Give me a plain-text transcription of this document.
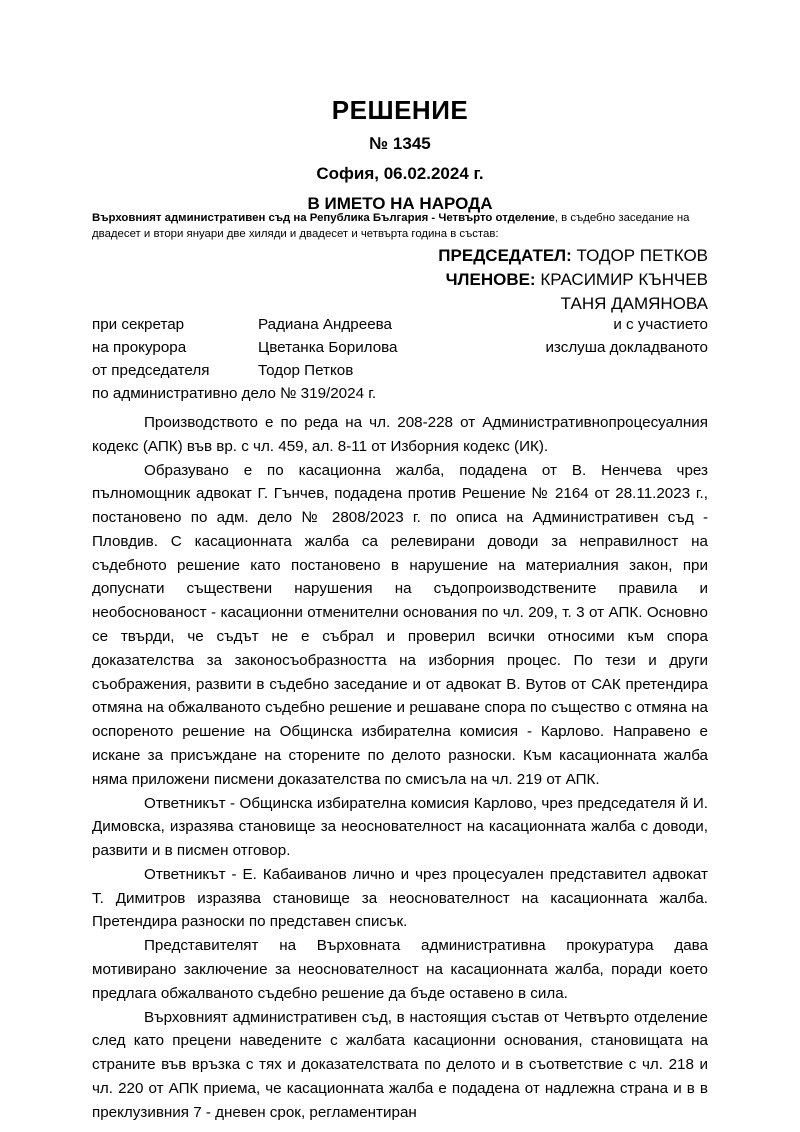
РЕШЕНИЕ
№ 1345
София, 06.02.2024 г.
В ИМЕТО НА НАРОДА
Върховният административен съд на Република България - Четвърто отделение, в съдебно заседание на двадесет и втори януари две хиляди и двадесет и четвърта година в състав:
ПРЕДСЕДАТЕЛ: ТОДОР ПЕТКОВ
ЧЛЕНОВЕ: КРАСИМИР КЪНЧЕВ
ТАНЯ ДАМЯНОВА
при секретар	Радиана Андреева	и с участието
на прокурора	Цветанка Борилова	изслуша докладваното
от председателя	Тодор Петков
по административно дело № 319/2024 г.

Производството е по реда на чл. 208-228 от Административнопроцесуалния кодекс (АПК) във вр. с чл. 459, ал. 8-11 от Изборния кодекс (ИК).

Образувано е по касационна жалба, подадена от В. Ненчева чрез пълномощник адвокат Г. Гънчев, подадена против Решение № 2164 от 28.11.2023 г., постановено по адм. дело № 2808/2023 г. по описа на Административен съд - Пловдив. С касационната жалба са релевирани доводи за неправилност на съдебното решение като постановено в нарушение на материалния закон, при допуснати съществени нарушения на съдопроизводствените правила и необоснованост - касационни отменителни основания по чл. 209, т. 3 от АПК. Основно се твърди, че съдът не е събрал и проверил всички относими към спора доказателства за законосъобразността на изборния процес. По тези и други съображения, развити в съдебно заседание и от адвокат В. Вутов от САК претендира отмяна на обжалваното съдебно решение и решаване спора по същество с отмяна на оспореното решение на Общинска избирателна комисия - Карлово. Направено е искане за присъждане на сторените по делото разноски. Към касационната жалба няма приложени писмени доказателства по смисъла на чл. 219 от АПК.

Ответникът - Общинска избирателна комисия Карлово, чрез председателя й И. Димовска, изразява становище за неоснователност на касационната жалба с доводи, развити и в писмен отговор.

Ответникът - Е. Кабаиванов лично и чрез процесуален представител адвокат Т. Димитров изразява становище за неоснователност на касационната жалба. Претендира разноски по представен списък.

Представителят на Върховната административна прокуратура дава мотивирано заключение за неоснователност на касационната жалба, поради което предлага обжалваното съдебно решение да бъде оставено в сила.

Върховният административен съд, в настоящия състав от Четвърто отделение след като прецени наведените с жалбата касационни основания, становищата на страните във връзка с тях и доказателствата по делото и в съответствие с чл. 218 и чл. 220 от АПК приема, че касационната жалба е подадена от надлежна страна и в в преклузивния 7 - дневен срок, регламентиран
